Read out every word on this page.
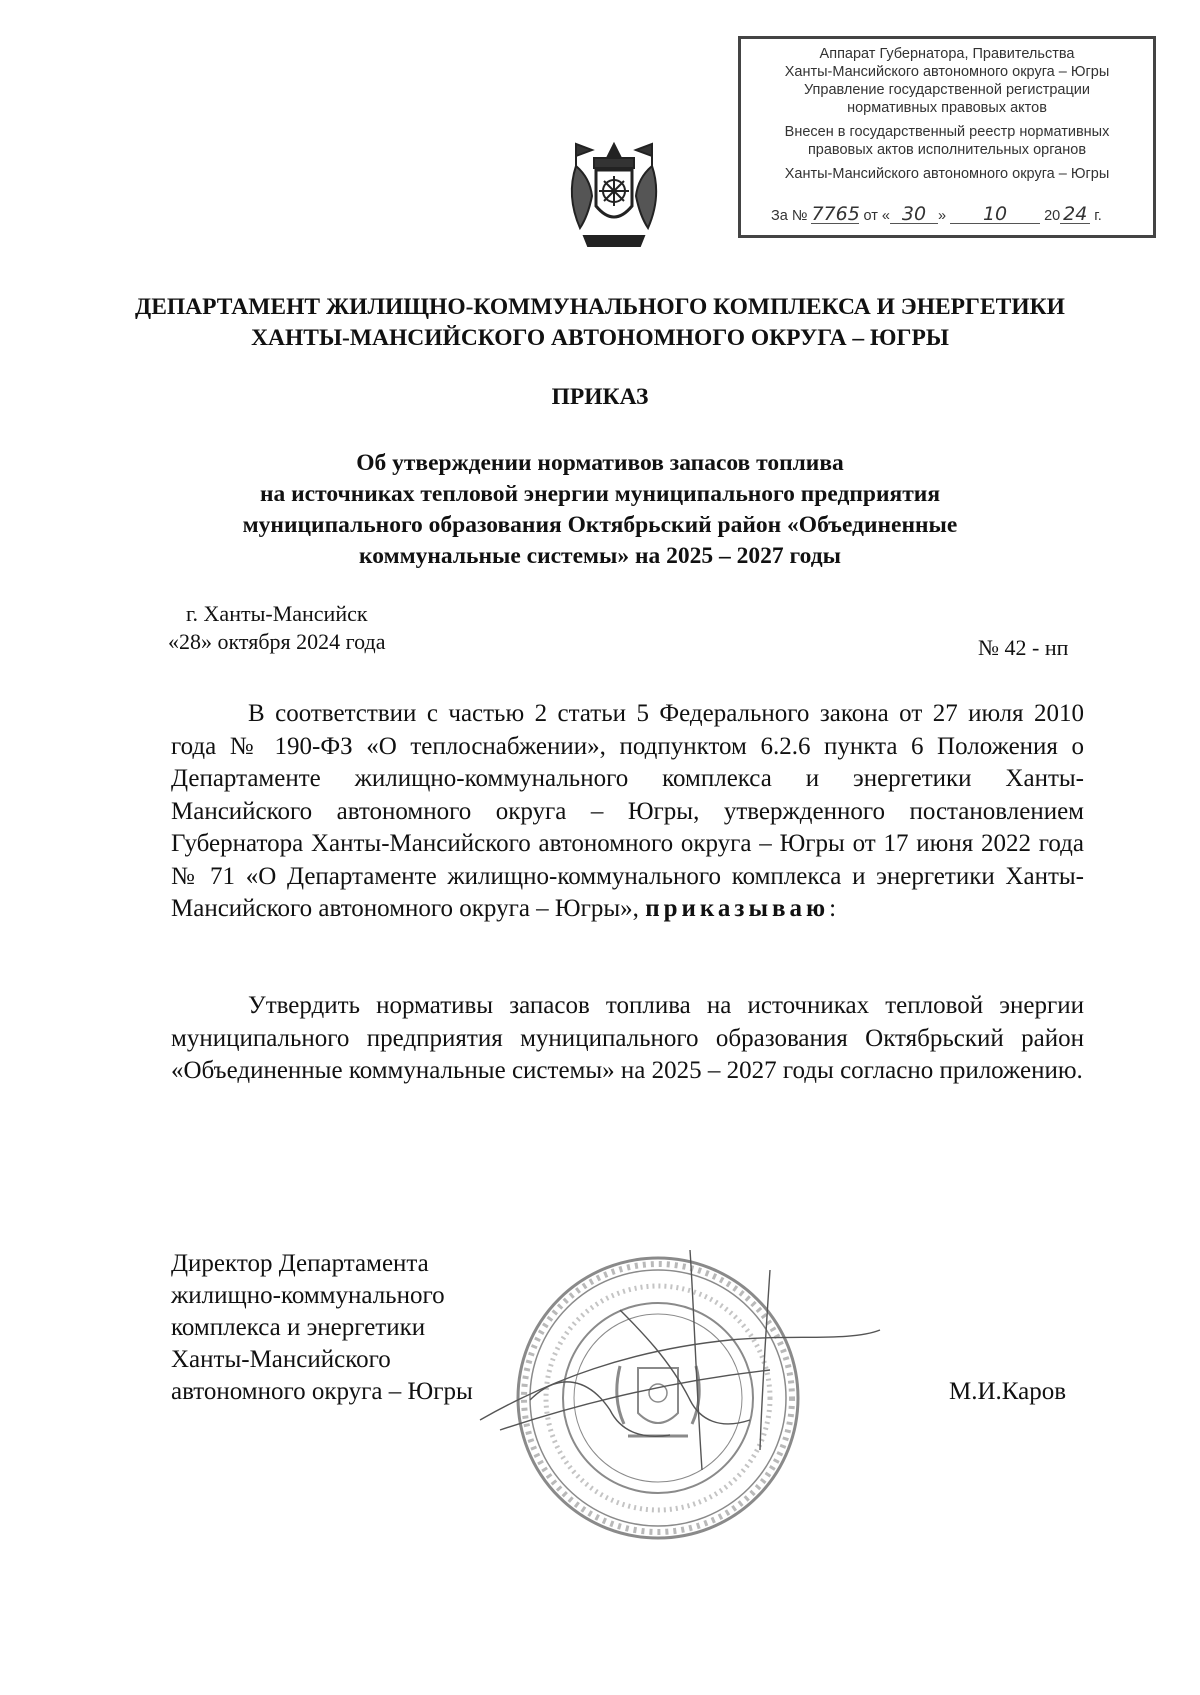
Аппарат Губернатора, Правительства
Ханты-Мансийского автономного округа – Югры
Управление государственной регистрации
нормативных правовых актов
Внесен в государственный реестр нормативных
правовых актов исполнительных органов
Ханты-Мансийского автономного округа – Югры
За № 7765 от « 30 » 10	20 24 г.
ДЕПАРТАМЕНТ ЖИЛИЩНО-КОММУНАЛЬНОГО КОМПЛЕКСА И ЭНЕРГЕТИКИ
ХАНТЫ-МАНСИЙСКОГО АВТОНОМНОГО ОКРУГА – ЮГРЫ
ПРИКАЗ
Об утверждении нормативов запасов топлива
на источниках тепловой энергии муниципального предприятия
муниципального образования Октябрьский район «Объединенные
коммунальные системы» на 2025 – 2027 годы
г. Ханты-Мансийск
«28» октября 2024 года	№ 42 - нп
В соответствии с частью 2 статьи 5 Федерального закона от 27 июля 2010 года № 190-ФЗ «О теплоснабжении», подпунктом 6.2.6 пункта 6 Положения о Департаменте жилищно-коммунального комплекса и энергетики Ханты-Мансийского автономного округа – Югры, утвержденного постановлением Губернатора Ханты-Мансийского автономного округа – Югры от 17 июня 2022 года № 71 «О Департаменте жилищно-коммунального комплекса и энергетики Ханты-Мансийского автономного округа – Югры», приказываю:
Утвердить нормативы запасов топлива на источниках тепловой энергии муниципального предприятия муниципального образования Октябрьский район «Объединенные коммунальные системы» на 2025 – 2027 годы согласно приложению.
Директор Департамента
жилищно-коммунального
комплекса и энергетики
Ханты-Мансийского
автономного округа – Югры	М.И.Каров
